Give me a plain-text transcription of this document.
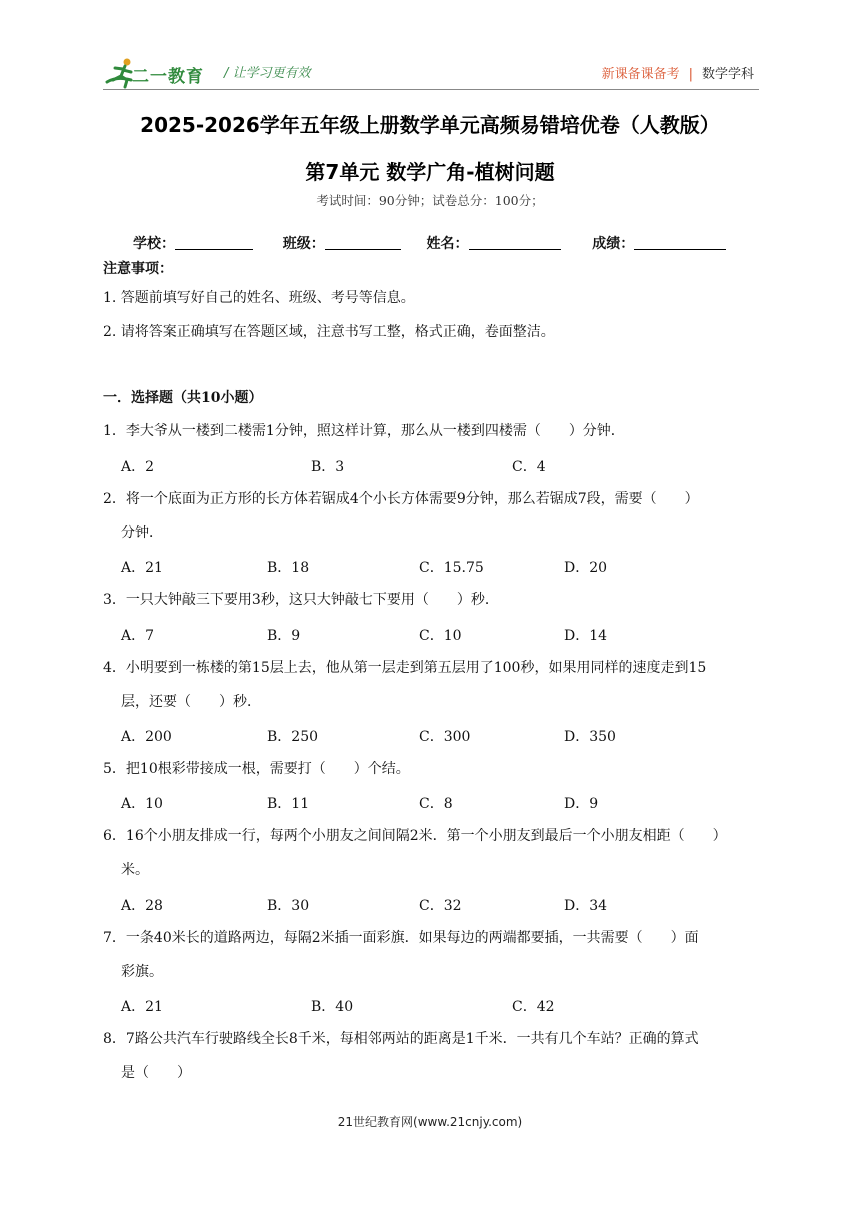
二一教育 / 让学习更有效	新课备课备考 | 数学学科
2025-2026学年五年级上册数学单元高频易错培优卷（人教版）
第7单元 数学广角-植树问题
考试时间：90分钟；试卷总分：100分；
学校：	班级：	姓名：	成绩：
注意事项：
1. 答题前填写好自己的姓名、班级、考号等信息。
2. 请将答案正确填写在答题区域，注意书写工整，格式正确，卷面整洁。
一．选择题（共10小题）
1．李大爷从一楼到二楼需1分钟，照这样计算，那么从一楼到四楼需（　　）分钟．
A．2	B．3	C．4
2．将一个底面为正方形的长方体若锯成4个小长方体需要9分钟，那么若锯成7段，需要（　　）
分钟．
A．21	B．18	C．15.75	D．20
3．一只大钟敲三下要用3秒，这只大钟敲七下要用（　　）秒．
A．7	B．9	C．10	D．14
4．小明要到一栋楼的第15层上去，他从第一层走到第五层用了100秒，如果用同样的速度走到15
层，还要（　　）秒．
A．200	B．250	C．300	D．350
5．把10根彩带接成一根，需要打（　　）个结。
A．10	B．11	C．8	D．9
6．16个小朋友排成一行，每两个小朋友之间间隔2米．第一个小朋友到最后一个小朋友相距（　　）
米。
A．28	B．30	C．32	D．34
7．一条40米长的道路两边，每隔2米插一面彩旗．如果每边的两端都要插，一共需要（　　）面
彩旗。
A．21	B．40	C．42
8．7路公共汽车行驶路线全长8千米，每相邻两站的距离是1千米．一共有几个车站？正确的算式
是（　　）
21世纪教育网(www.21cnjy.com)
